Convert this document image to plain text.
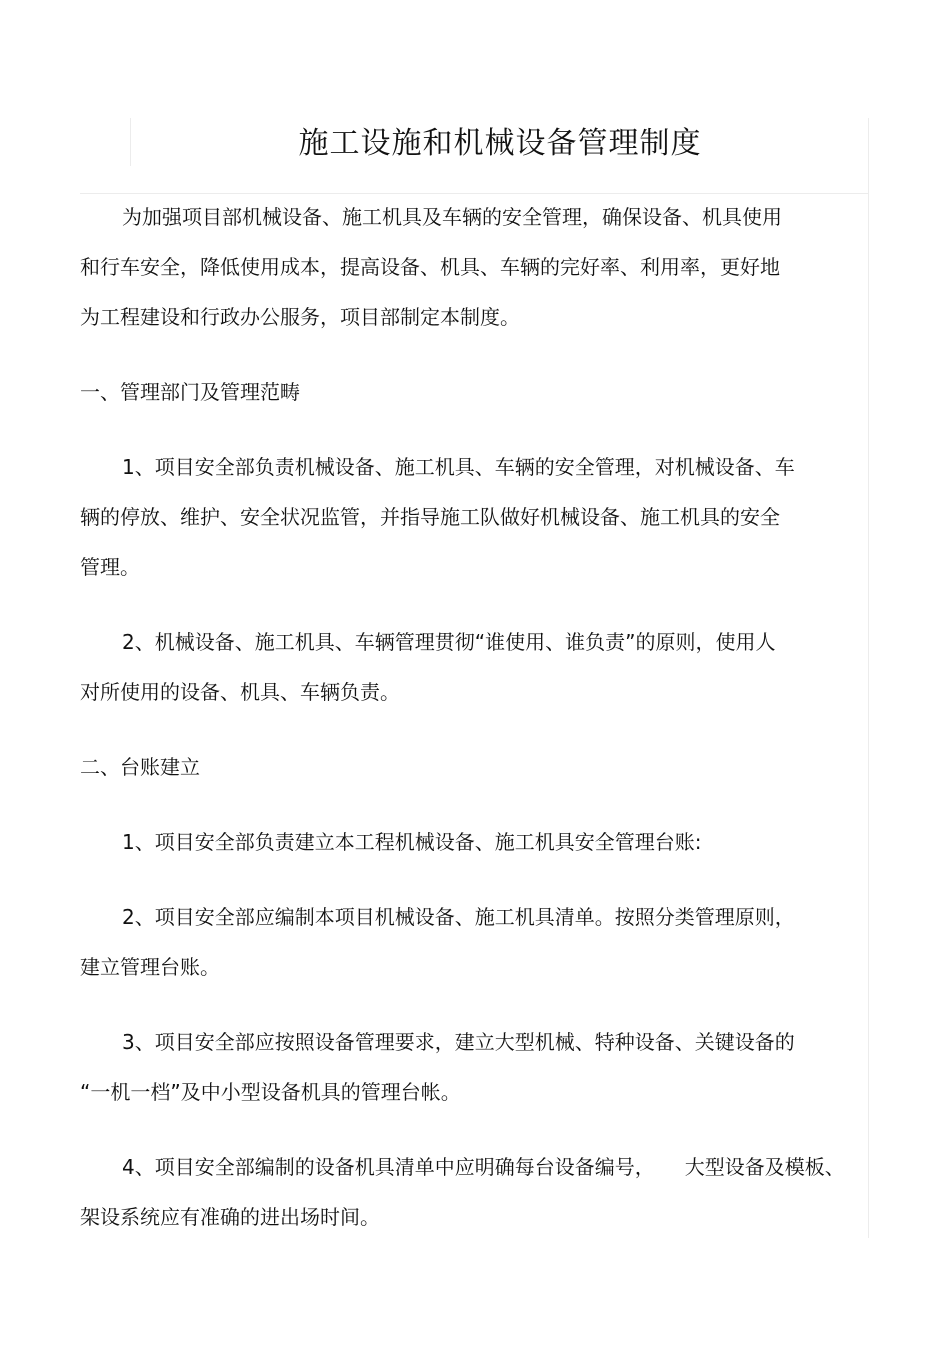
施工设施和机械设备管理制度
为加强项目部机械设备、施工机具及车辆的安全管理，确保设备、机具使用
和行车安全，降低使用成本，提高设备、机具、车辆的完好率、利用率，更好地
为工程建设和行政办公服务，项目部制定本制度。
一、管理部门及管理范畴
1、项目安全部负责机械设备、施工机具、车辆的安全管理，对机械设备、车
辆的停放、维护、安全状况监管，并指导施工队做好机械设备、施工机具的安全
管理。
2、机械设备、施工机具、车辆管理贯彻“谁使用、谁负责”的原则，使用人
对所使用的设备、机具、车辆负责。
二、台账建立
1、项目安全部负责建立本工程机械设备、施工机具安全管理台账:
2、项目安全部应编制本项目机械设备、施工机具清单。按照分类管理原则，
建立管理台账。
3、项目安全部应按照设备管理要求，建立大型机械、特种设备、关键设备的
“一机一档”及中小型设备机具的管理台帐。
4、项目安全部编制的设备机具清单中应明确每台设备编号，　　大型设备及模板、
架设系统应有准确的进出场时间。
